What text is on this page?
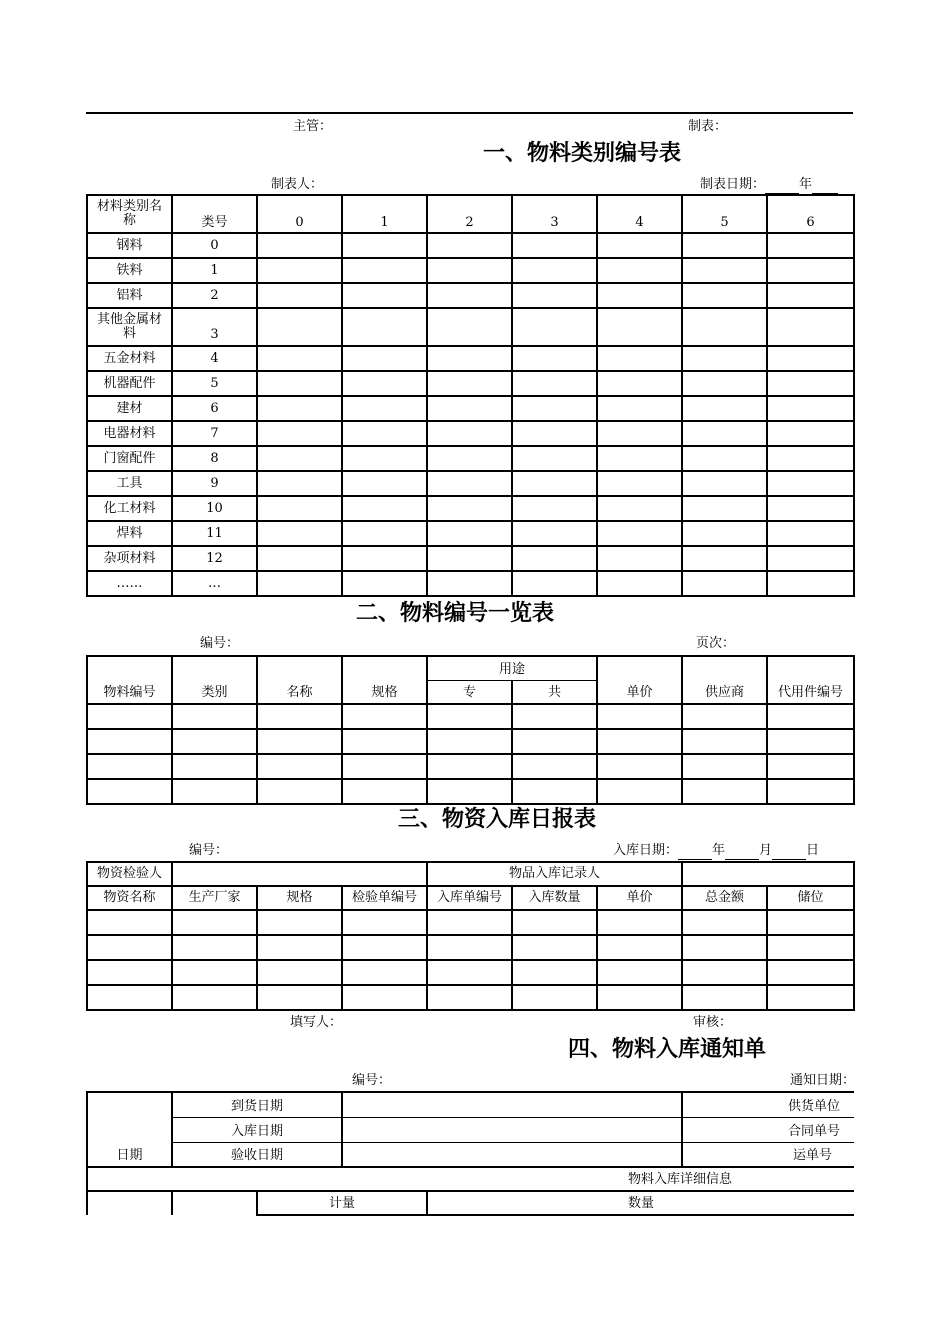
主管：	制表：
一、物料类别编号表
制表人：	制表日期：	年
材料类别名称	类号	0	1	2	3	4	5	6
钢料	0							
铁料	1							
铝料	2							
其他金属材料	3							
五金材料	4							
机器配件	5							
建材	6							
电器材料	7							
门窗配件	8							
工具	9							
化工材料	10							
焊料	11							
杂项材料	12							
……	…							
二、物料编号一览表
编号：	页次：
物料编号	类别	名称	规格	用途		单价	供应商	代用件编号
				专	共			

三、物资入库日报表
编号：	入库日期：	年	月	日
物资检验人				物品入库记录人				
物资名称	生产厂家	规格	检验单编号	入库单编号	入库数量	单价	总金额	储位

填写人：	审核：
四、物料入库通知单
编号：	通知日期：
日期	到货日期				供货单位
	入库日期				合同单号
	验收日期				运单号
物料入库详细信息					
		计量		数量	
